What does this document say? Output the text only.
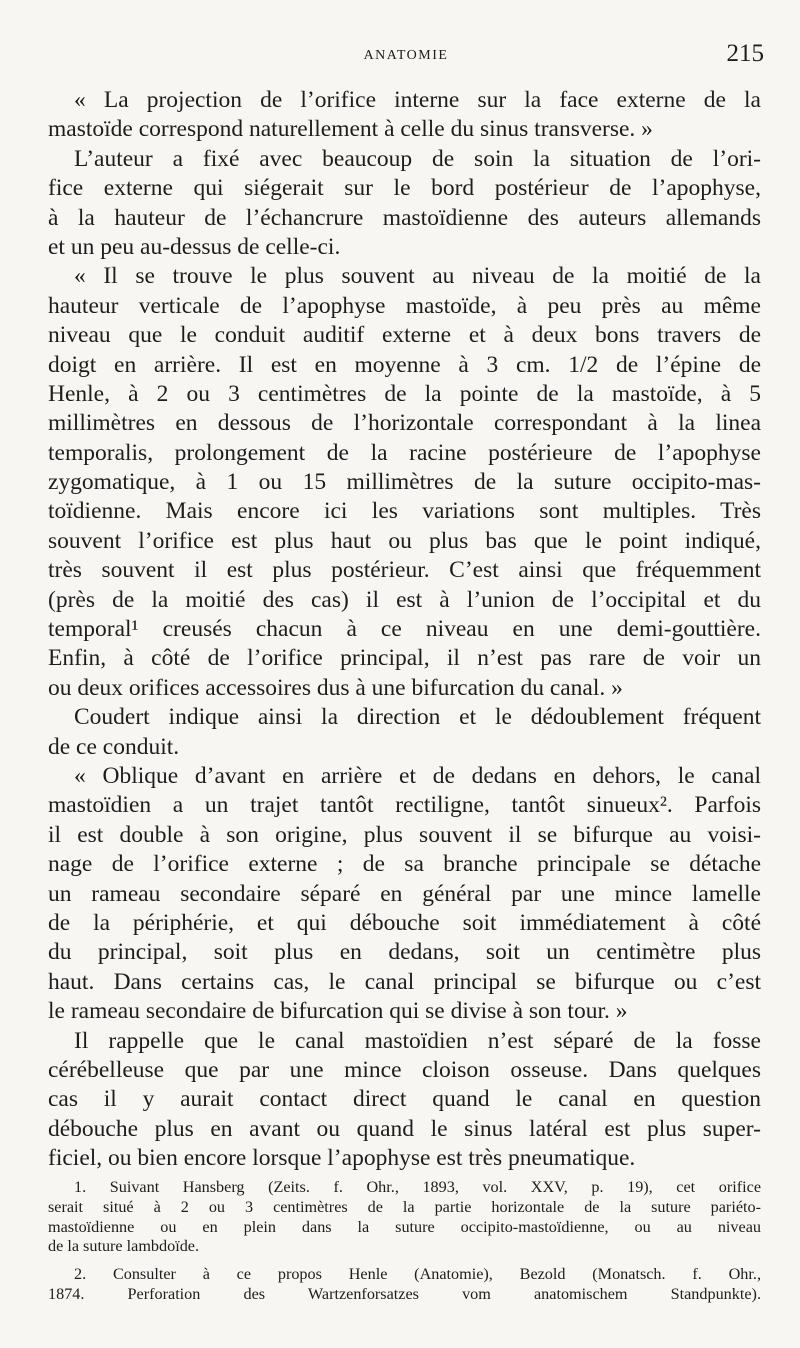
ANATOMIE	215
« La projection de l’orifice interne sur la face externe de la
mastoïde correspond naturellement à celle du sinus transverse. »
L’auteur a fixé avec beaucoup de soin la situation de l’ori-
fice externe qui siégerait sur le bord postérieur de l’apophyse,
à la hauteur de l’échancrure mastoïdienne des auteurs allemands
et un peu au-dessus de celle-ci.
« Il se trouve le plus souvent au niveau de la moitié de la
hauteur verticale de l’apophyse mastoïde, à peu près au même
niveau que le conduit auditif externe et à deux bons travers de
doigt en arrière. Il est en moyenne à 3 cm. 1/2 de l’épine de
Henle, à 2 ou 3 centimètres de la pointe de la mastoïde, à 5
millimètres en dessous de l’horizontale correspondant à la linea
temporalis, prolongement de la racine postérieure de l’apophyse
zygomatique, à 1 ou 15 millimètres de la suture occipito-mas-
toïdienne. Mais encore ici les variations sont multiples. Très
souvent l’orifice est plus haut ou plus bas que le point indiqué,
très souvent il est plus postérieur. C’est ainsi que fréquemment
(près de la moitié des cas) il est à l’union de l’occipital et du
temporal¹ creusés chacun à ce niveau en une demi-gouttière.
Enfin, à côté de l’orifice principal, il n’est pas rare de voir un
ou deux orifices accessoires dus à une bifurcation du canal. »
Coudert indique ainsi la direction et le dédoublement fréquent
de ce conduit.
« Oblique d’avant en arrière et de dedans en dehors, le canal
mastoïdien a un trajet tantôt rectiligne, tantôt sinueux². Parfois
il est double à son origine, plus souvent il se bifurque au voisi-
nage de l’orifice externe ; de sa branche principale se détache
un rameau secondaire séparé en général par une mince lamelle
de la périphérie, et qui débouche soit immédiatement à côté
du principal, soit plus en dedans, soit un centimètre plus
haut. Dans certains cas, le canal principal se bifurque ou c’est
le rameau secondaire de bifurcation qui se divise à son tour. »
Il rappelle que le canal mastoïdien n’est séparé de la fosse
cérébelleuse que par une mince cloison osseuse. Dans quelques
cas il y aurait contact direct quand le canal en question
débouche plus en avant ou quand le sinus latéral est plus super-
ficiel, ou bien encore lorsque l’apophyse est très pneumatique.
1. Suivant Hansberg (Zeits. f. Ohr., 1893, vol. XXV, p. 19), cet orifice
serait situé à 2 ou 3 centimètres de la partie horizontale de la suture pariéto-
mastoïdienne ou en plein dans la suture occipito-mastoïdienne, ou au niveau
de la suture lambdoïde.
2. Consulter à ce propos Henle (Anatomie), Bezold (Monatsch. f. Ohr.,
1874. Perforation des Wartzenforsatzes vom anatomischem Standpunkte).
